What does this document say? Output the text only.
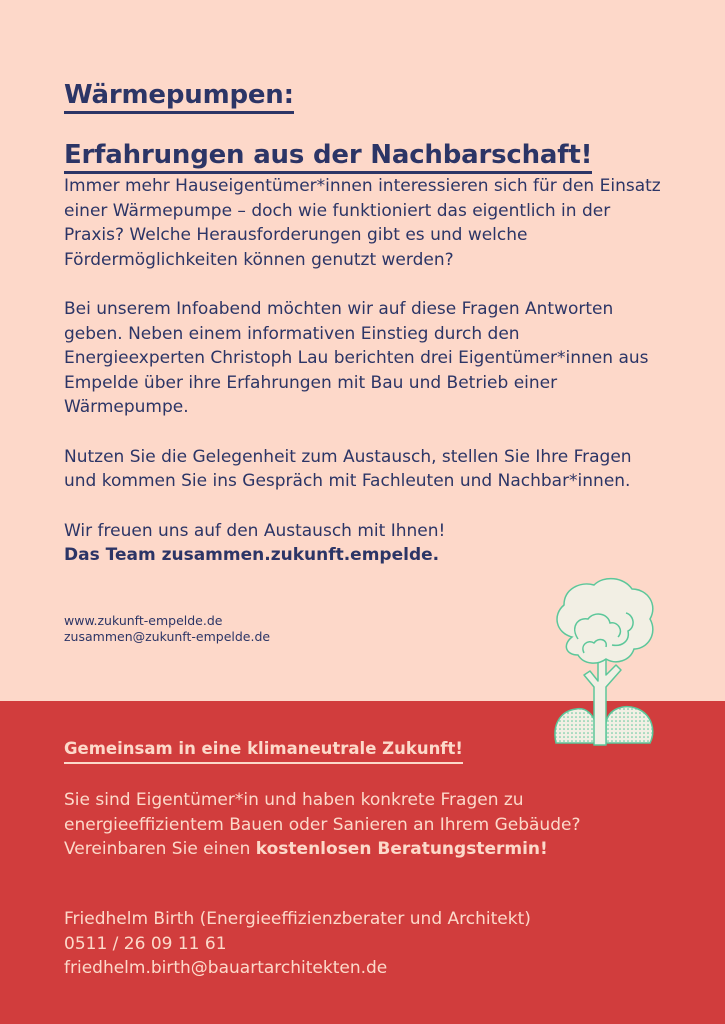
Wärmepumpen:
Erfahrungen aus der Nachbarschaft!

Immer mehr Hauseigentümer*innen interessieren sich für den Einsatz einer Wärmepumpe – doch wie funktioniert das eigentlich in der Praxis? Welche Herausforderungen gibt es und welche Fördermöglichkeiten können genutzt werden?

Bei unserem Infoabend möchten wir auf diese Fragen Antworten geben. Neben einem informativen Einstieg durch den Energieexperten Christoph Lau berichten drei Eigentümer*innen aus Empelde über ihre Erfahrungen mit Bau und Betrieb einer Wärmepumpe.

Nutzen Sie die Gelegenheit zum Austausch, stellen Sie Ihre Fragen und kommen Sie ins Gespräch mit Fachleuten und Nachbar*innen.

Wir freuen uns auf den Austausch mit Ihnen!
Das Team zusammen.zukunft.empelde.

www.zukunft-empelde.de
zusammen@zukunft-empelde.de
Gemeinsam in eine klimaneutrale Zukunft!

Sie sind Eigentümer*in und haben konkrete Fragen zu energieeffizientem Bauen oder Sanieren an Ihrem Gebäude? Vereinbaren Sie einen kostenlosen Beratungstermin!

Friedhelm Birth (Energieeffizienzberater und Architekt)
0511 / 26 09 11 61
friedhelm.birth@bauartarchitekten.de
